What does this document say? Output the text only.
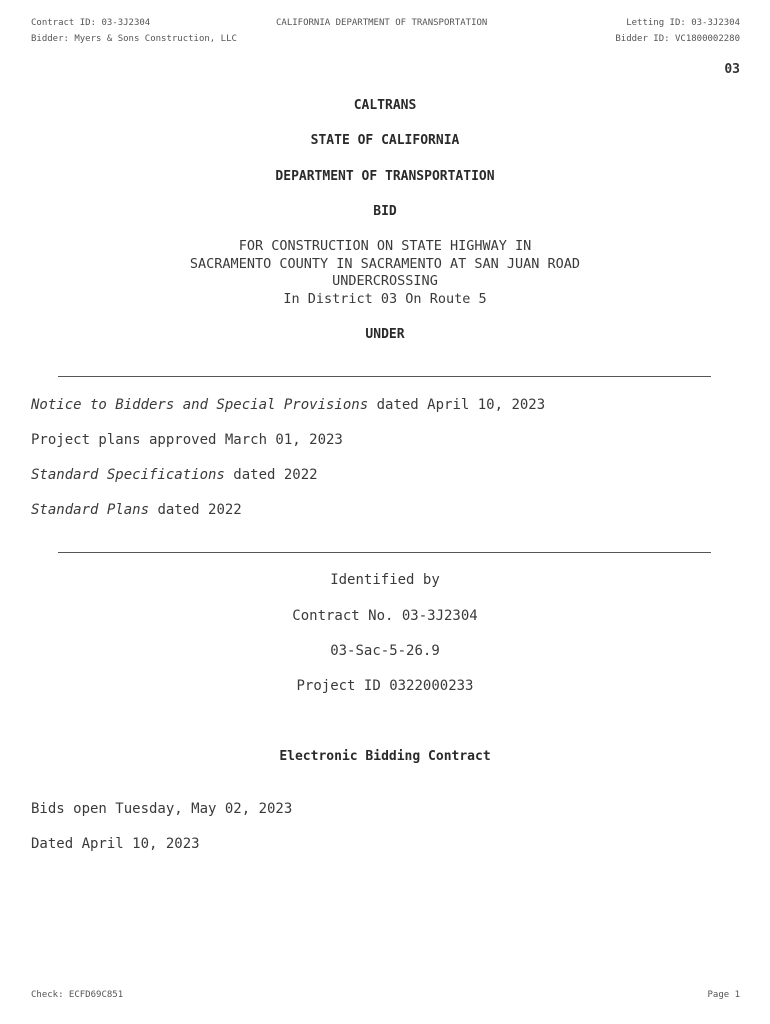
Contract ID: 03-3J2304	CALIFORNIA DEPARTMENT OF TRANSPORTATION	Letting ID: 03-3J2304
Bidder: Myers & Sons Construction, LLC	Bidder ID: VC1800002280
03
CALTRANS
STATE OF CALIFORNIA
DEPARTMENT OF TRANSPORTATION
BID
FOR CONSTRUCTION ON STATE HIGHWAY IN
SACRAMENTO COUNTY IN SACRAMENTO AT SAN JUAN ROAD
UNDERCROSSING
In District 03 On Route 5
UNDER
Notice to Bidders and Special Provisions dated April 10, 2023
Project plans approved March 01, 2023
Standard Specifications dated 2022
Standard Plans dated 2022
Identified by
Contract No. 03-3J2304
03-Sac-5-26.9
Project ID 0322000233
Electronic Bidding Contract
Bids open Tuesday, May 02, 2023
Dated April 10, 2023
Check: ECFD69C851	Page 1
